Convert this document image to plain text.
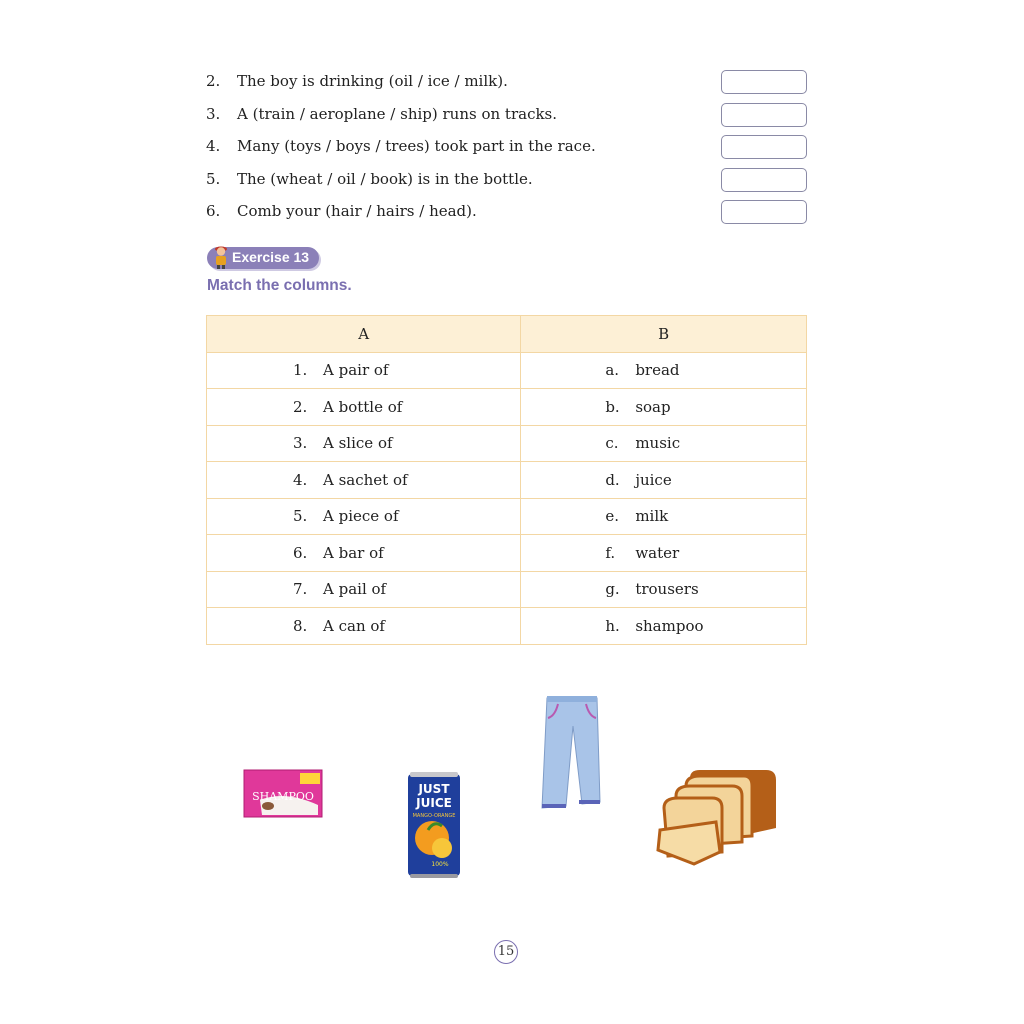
2. The boy is drinking (oil / ice / milk).
3. A (train / aeroplane / ship) runs on tracks.
4. Many (toys / boys / trees) took part in the race.
5. The (wheat / oil / book) is in the bottle.
6. Comb your (hair / hairs / head).
Exercise 13
Match the columns.
A	B

1. A pair of	a. bread

2. A bottle of	b. soap

3. A slice of	c. music

4. A sachet of	d. juice

5. A piece of	e. milk

6. A bar of	f. water

7. A pail of	g. trousers

8. A can of	h. shampoo
SHAMPOO
JUST
JUICE
MANGO-ORANGE
100%
15
